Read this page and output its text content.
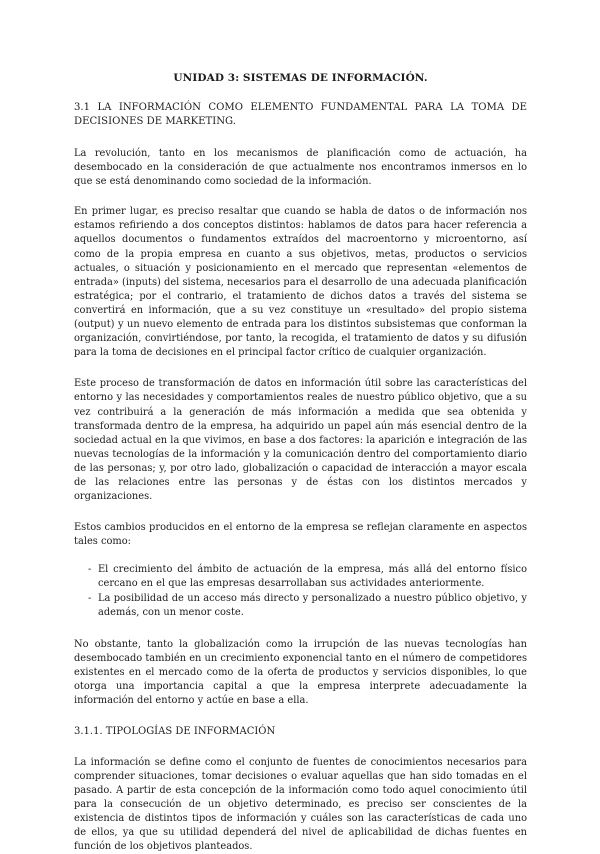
UNIDAD 3: SISTEMAS DE INFORMACIÓN.
3.1 LA INFORMACIÓN COMO ELEMENTO FUNDAMENTAL PARA LA TOMA DE DECISIONES DE MARKETING.

La revolución, tanto en los mecanismos de planificación como de actuación, ha desembocado en la consideración de que actualmente nos encontramos inmersos en lo que se está denominando como sociedad de la información.

En primer lugar, es preciso resaltar que cuando se habla de datos o de información nos estamos refiriendo a dos conceptos distintos: hablamos de datos para hacer referencia a aquellos documentos o fundamentos extraídos del macroentorno y microentorno, así como de la propia empresa en cuanto a sus objetivos, metas, productos o servicios actuales, o situación y posicionamiento en el mercado que representan «elementos de entrada» (inputs) del sistema, necesarios para el desarrollo de una adecuada planificación estratégica; por el contrario, el tratamiento de dichos datos a través del sistema se convertirá en información, que a su vez constituye un «resultado» del propio sistema (output) y un nuevo elemento de entrada para los distintos subsistemas que conforman la organización, convirtiéndose, por tanto, la recogida, el tratamiento de datos y su difusión para la toma de decisiones en el principal factor crítico de cualquier organización.

Este proceso de transformación de datos en información útil sobre las características del entorno y las necesidades y comportamientos reales de nuestro público objetivo, que a su vez contribuirá a la generación de más información a medida que sea obtenida y transformada dentro de la empresa, ha adquirido un papel aún más esencial dentro de la sociedad actual en la que vivimos, en base a dos factores: la aparición e integración de las nuevas tecnologías de la información y la comunicación dentro del comportamiento diario de las personas; y, por otro lado, globalización o capacidad de interacción a mayor escala de las relaciones entre las personas y de éstas con los distintos mercados y organizaciones.

Estos cambios producidos en el entorno de la empresa se reflejan claramente en aspectos tales como:

- El crecimiento del ámbito de actuación de la empresa, más allá del entorno físico cercano en el que las empresas desarrollaban sus actividades anteriormente.
- La posibilidad de un acceso más directo y personalizado a nuestro público objetivo, y además, con un menor coste.

No obstante, tanto la globalización como la irrupción de las nuevas tecnologías han desembocado también en un crecimiento exponencial tanto en el número de competidores existentes en el mercado como de la oferta de productos y servicios disponibles, lo que otorga una importancia capital a que la empresa interprete adecuadamente la información del entorno y actúe en base a ella.

3.1.1. TIPOLOGÍAS DE INFORMACIÓN

La información se define como el conjunto de fuentes de conocimientos necesarios para comprender situaciones, tomar decisiones o evaluar aquellas que han sido tomadas en el pasado. A partir de esta concepción de la información como todo aquel conocimiento útil para la consecución de un objetivo determinado, es preciso ser conscientes de la existencia de distintos tipos de información y cuáles son las características de cada uno de ellos, ya que su utilidad dependerá del nivel de aplicabilidad de dichas fuentes en función de los objetivos planteados.
